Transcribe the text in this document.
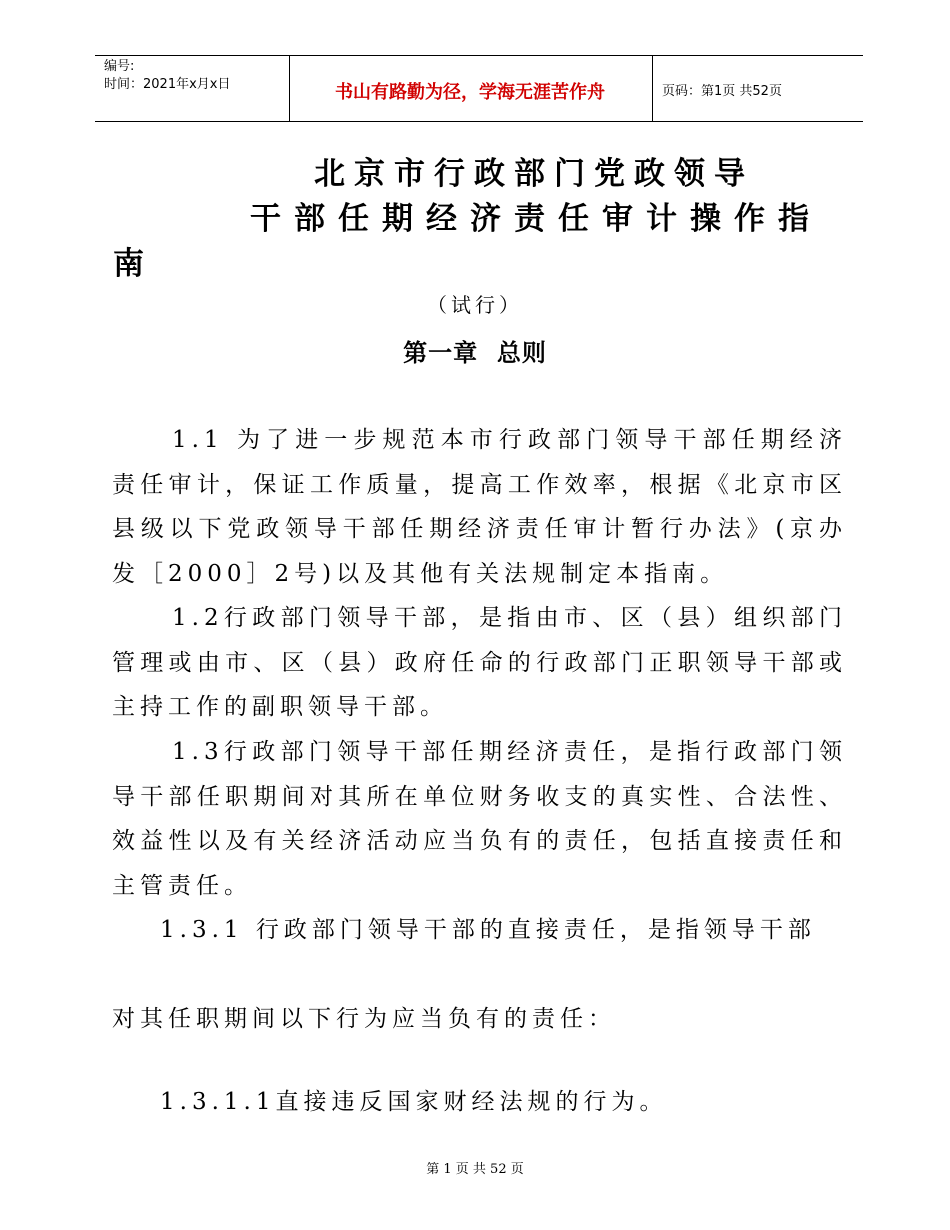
编号:
时间：2021年x月x日	书山有路勤为径，学海无涯苦作舟	页码：第1页 共52页
北京市行政部门党政领导
干部任期经济责任审计操作指
南
（试行）
第一章  总则
1.1 为了进一步规范本市行政部门领导干部任期经济责任审计，保证工作质量，提高工作效率，根据《北京市区县级以下党政领导干部任期经济责任审计暂行办法》(京办发［2000］2号)以及其他有关法规制定本指南。
1.2行政部门领导干部，是指由市、区（县）组织部门管理或由市、区（县）政府任命的行政部门正职领导干部或主持工作的副职领导干部。
1.3行政部门领导干部任期经济责任，是指行政部门领导干部任职期间对其所在单位财务收支的真实性、合法性、效益性以及有关经济活动应当负有的责任，包括直接责任和主管责任。
1.3.1 行政部门领导干部的直接责任，是指领导干部
对其任职期间以下行为应当负有的责任：
1.3.1.1直接违反国家财经法规的行为。
第 1 页 共 52 页
